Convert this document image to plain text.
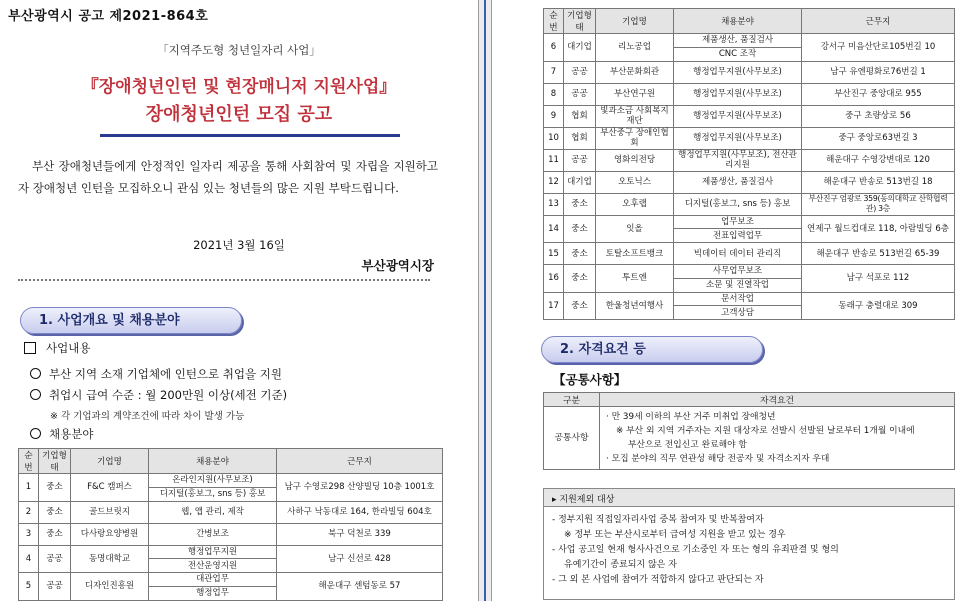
부산광역시 공고 제2021-864호
｢지역주도형 청년일자리 사업｣
『장애청년인턴 및 현장매니저 지원사업』
장애청년인턴 모집 공고
부산 장애청년들에게 안정적인 일자리 제공을 통해 사회참여 및 자립을 지원하고자 장애청년 인턴을 모집하오니 관심 있는 청년들의 많은 지원 부탁드립니다.
2021년 3월 16일
부산광역시장
1. 사업개요 및 채용분야
사업내용
부산 지역 소재 기업체에 인턴으로 취업을 지원
취업시 급여 수준 : 월 200만원 이상(세전 기준)
※ 각 기업과의 계약조건에 따라 차이 발생 가능
채용분야
순번	기업형태	기업명	채용분야	근무지
1	중소	F&C 캠퍼스	온라인지원(사무보조)	남구 수영로298 산양빌딩 10층 1001호
			디지털(홍보그, sns 등) 홍보	
2	중소	골드브릿지	웹, 앱 관리, 제작	사하구 낙동대로 164, 한라빌딩 604호
3	중소	다사랑요양병원	간병보조	북구 덕천로 339
4	공공	동명대학교	행정업무지원	남구 신선로 428
			전산운영지원	
5	공공	디자인진흥원	대관업무	해운대구 센텀동로 57
			행정업무	
순번	기업형태	기업명	채용분야	근무지
6	대기업	리노공업	제품생산, 품질검사	강서구 미음산단로105번길 10
			CNC 조작	
7	공공	부산문화회관	행정업무지원(사무보조)	남구 유엔평화로76번길 1
8	공공	부산연구원	행정업무지원(사무보조)	부산진구 중앙대로 955
9	협회	빛과소금 사회복지재단	행정업무지원(사무보조)	중구 초량상로 56
10	협회	부산중구 장애인협회	행정업무지원(사무보조)	중구 중앙로63번길 3
11	공공	영화의전당	행정업무지원(사무보조), 전산관리지원	해운대구 수영강변대로 120
12	대기업	오토닉스	제품생산, 품질검사	해운대구 반송로 513번길 18
13	중소	오후랩	디지털(홍보그, sns 등) 홍보	부산진구 엄광로 359(동의대학교 산학협력관) 3층
14	중소	잇올	업무보조	연제구 월드컵대로 118, 아람빌딩 6층
			전표입력업무	
15	중소	토탈소프트뱅크	빅데이터 데이터 관리직	해운대구 반송로 513번길 65-39
16	중소	투트엔	사무업무보조	남구 석포로 112
			소문 및 진열작업	
17	중소	한울청년여행사	문서작업	동래구 충렬대로 309
			고객상담	
2. 자격요건 등
【공통사항】
구분	자격요건
공통사항	· 만 39세 이하의 부산 거주 미취업 장애청년
※ 부산 외 지역 거주자는 지원 대상자로 선발시 선발된 날로부터 1개월 이내에
부산으로 전입신고 완료해야 함
· 모집 분야의 직무 연관성 해당 전공자 및 자격소지자 우대
▸ 지원제외 대상
- 정부지원 직접일자리사업 중복 참여자 및 반복참여자
※ 정부 또는 부산시로부터 급여성 지원을 받고 있는 경우
- 사업 공고일 현재 형사사건으로 기소중인 자 또는 형의 유죄판결 및 형의
유예기간이 종료되지 않은 자
- 그 외 본 사업에 참여가 적합하지 않다고 판단되는 자
